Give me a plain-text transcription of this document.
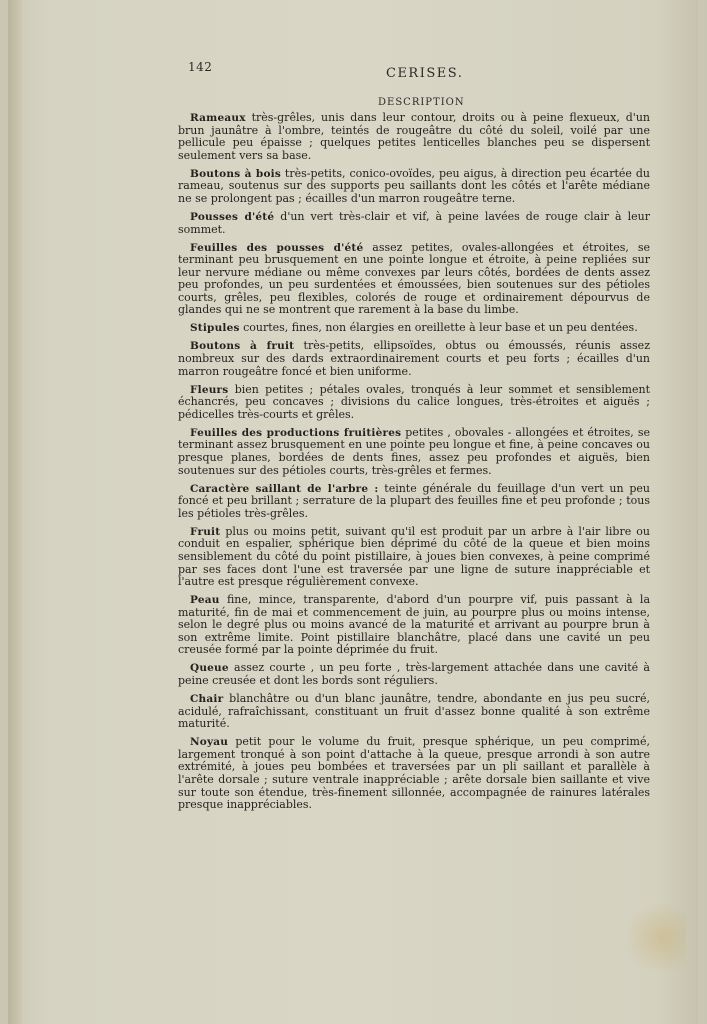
142	CERISES.
DESCRIPTION

Rameaux très-grêles, unis dans leur contour, droits ou à peine flexueux, d'un brun jaunâtre à l'ombre, teintés de rougeâtre du côté du soleil, voilé par une pellicule peu épaisse ; quelques petites lenticelles blanches peu se dispersent seulement vers sa base.

Boutons à bois très-petits, conico-ovoïdes, peu aigus, à direction peu écartée du rameau, soutenus sur des supports peu saillants dont les côtés et l'arête médiane ne se prolongent pas ; écailles d'un marron rougeâtre terne.

Pousses d'été d'un vert très-clair et vif, à peine lavées de rouge clair à leur sommet.

Feuilles des pousses d'été assez petites, ovales-allongées et étroites, se terminant peu brusquement en une pointe longue et étroite, à peine repliées sur leur nervure médiane ou même convexes par leurs côtés, bordées de dents assez peu profondes, un peu surdentées et émoussées, bien soutenues sur des pétioles courts, grêles, peu flexibles, colorés de rouge et ordinairement dépourvus de glandes qui ne se montrent que rarement à la base du limbe.

Stipules courtes, fines, non élargies en oreillette à leur base et un peu dentées.

Boutons à fruit très-petits, ellipsoïdes, obtus ou émoussés, réunis assez nombreux sur des dards extraordinairement courts et peu forts ; écailles d'un marron rougeâtre foncé et bien uniforme.

Fleurs bien petites ; pétales ovales, tronqués à leur sommet et sensiblement échancrés, peu concaves ; divisions du calice longues, très-étroites et aiguës ; pédicelles très-courts et grêles.

Feuilles des productions fruitières petites , obovales - allongées et étroites, se terminant assez brusquement en une pointe peu longue et fine, à peine concaves ou presque planes, bordées de dents fines, assez peu profondes et aiguës, bien soutenues sur des pétioles courts, très-grêles et fermes.

Caractère saillant de l'arbre : teinte générale du feuillage d'un vert un peu foncé et peu brillant ; serrature de la plupart des feuilles fine et peu profonde ; tous les pétioles très-grêles.

Fruit plus ou moins petit, suivant qu'il est produit par un arbre à l'air libre ou conduit en espalier, sphérique bien déprimé du côté de la queue et bien moins sensiblement du côté du point pistillaire, à joues bien convexes, à peine comprimé par ses faces dont l'une est traversée par une ligne de suture inappréciable et l'autre est presque régulièrement convexe.

Peau fine, mince, transparente, d'abord d'un pourpre vif, puis passant à la maturité, fin de mai et commencement de juin, au pourpre plus ou moins intense, selon le degré plus ou moins avancé de la maturité et arrivant au pourpre brun à son extrême limite. Point pistillaire blanchâtre, placé dans une cavité un peu creusée formé par la pointe déprimée du fruit.

Queue assez courte , un peu forte , très-largement attachée dans une cavité à peine creusée et dont les bords sont réguliers.

Chair blanchâtre ou d'un blanc jaunâtre, tendre, abondante en jus peu sucré, acidulé, rafraîchissant, constituant un fruit d'assez bonne qualité à son extrême maturité.

Noyau petit pour le volume du fruit, presque sphérique, un peu comprimé, largement tronqué à son point d'attache à la queue, presque arrondi à son autre extrémité, à joues peu bombées et traversées par un pli saillant et parallèle à l'arête dorsale ; suture ventrale inappréciable ; arête dorsale bien saillante et vive sur toute son étendue, très-finement sillonnée, accompagnée de rainures latérales presque inappréciables.
